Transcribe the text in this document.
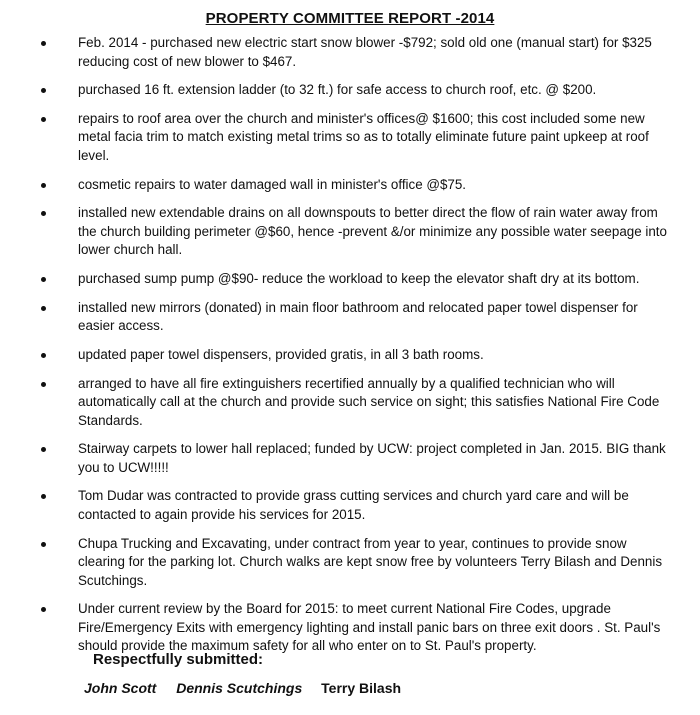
PROPERTY COMMITTEE REPORT -2014
Feb. 2014 - purchased new electric start snow blower -$792; sold old one (manual start) for $325 reducing cost of new blower to $467.
purchased 16 ft. extension ladder (to 32 ft.) for safe access to church roof, etc. @ $200.
repairs to roof area over the church and minister's offices@ $1600; this cost included some new metal facia trim to match existing metal trims so as to totally eliminate future paint upkeep at roof level.
cosmetic repairs to water damaged wall in minister's office @$75.
installed new extendable drains on all downspouts to better direct the flow of rain water away from the church building perimeter @$60, hence -prevent &/or minimize any possible water seepage into lower church hall.
purchased sump pump @$90- reduce the workload to keep the elevator shaft dry at its bottom.
installed new mirrors (donated) in main floor bathroom and relocated paper towel dispenser for easier access.
updated paper towel dispensers, provided gratis, in all 3 bath rooms.
arranged to have all fire extinguishers recertified annually by a qualified technician who will automatically call at the church and provide such service on sight; this satisfies National Fire Code Standards.
Stairway carpets to lower hall replaced; funded by UCW: project completed in Jan. 2015. BIG thank you to UCW!!!!!
Tom Dudar was contracted to provide grass cutting services and church yard care and will be contacted to again provide his services for 2015.
Chupa Trucking and Excavating, under contract from year to year, continues to provide snow clearing for the parking lot. Church walks are kept snow free by volunteers Terry Bilash and Dennis Scutchings.
Under current review by the Board for 2015: to meet current National Fire Codes, upgrade Fire/Emergency Exits with emergency lighting and install panic bars on three exit doors . St. Paul's should provide the maximum safety for all who enter on to St. Paul's property.
Respectfully submitted:
John Scott Dennis Scutchings Terry Bilash
